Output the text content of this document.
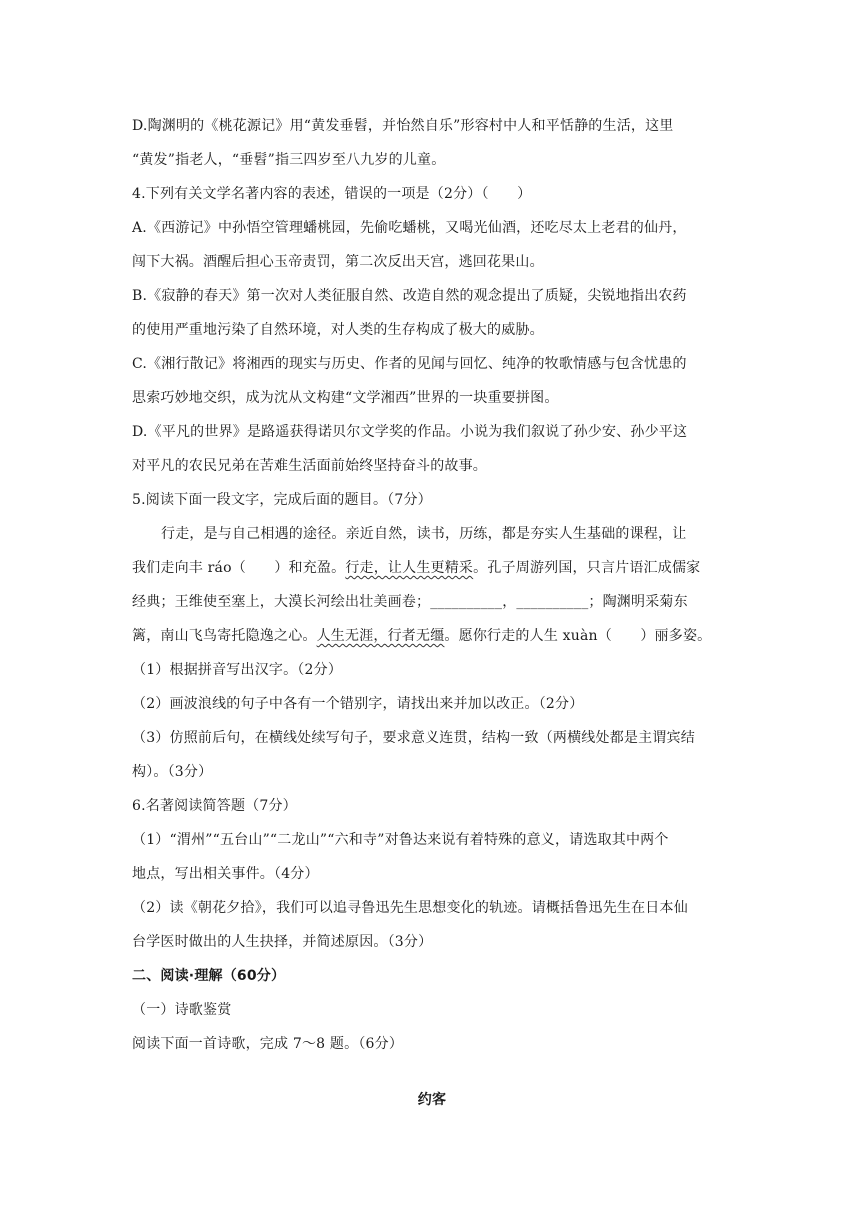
D.陶渊明的《桃花源记》用“黄发垂髫，并怡然自乐”形容村中人和平恬静的生活，这里
“黄发”指老人，“垂髫”指三四岁至八九岁的儿童。
4.下列有关文学名著内容的表述，错误的一项是（2分）（　　）
A.《西游记》中孙悟空管理蟠桃园，先偷吃蟠桃，又喝光仙酒，还吃尽太上老君的仙丹，
闯下大祸。酒醒后担心玉帝责罚，第二次反出天宫，逃回花果山。
B.《寂静的春天》第一次对人类征服自然、改造自然的观念提出了质疑，尖锐地指出农药
的使用严重地污染了自然环境，对人类的生存构成了极大的威胁。
C.《湘行散记》将湘西的现实与历史、作者的见闻与回忆、纯净的牧歌情感与包含忧患的
思索巧妙地交织，成为沈从文构建“文学湘西”世界的一块重要拼图。
D.《平凡的世界》是路遥获得诺贝尔文学奖的作品。小说为我们叙说了孙少安、孙少平这
对平凡的农民兄弟在苦难生活面前始终坚持奋斗的故事。
5.阅读下面一段文字，完成后面的题目。（7分）
行走，是与自己相遇的途径。亲近自然，读书，历练，都是夯实人生基础的课程，让
我们走向丰 ráo（　　）和充盈。行走，让人生更精采。孔子周游列国，只言片语汇成儒家
经典；王维使至塞上，大漠长河绘出壮美画卷；__________，__________；陶渊明采菊东
篱，南山飞鸟寄托隐逸之心。人生无涯，行者无缰。愿你行走的人生 xuàn（　　）丽多姿。
（1）根据拼音写出汉字。（2分）
（2）画波浪线的句子中各有一个错别字，请找出来并加以改正。（2分）
（3）仿照前后句，在横线处续写句子，要求意义连贯，结构一致（两横线处都是主谓宾结
构）。（3分）
6.名著阅读简答题（7分）
（1）“渭州”“五台山”“二龙山”“六和寺”对鲁达来说有着特殊的意义，请选取其中两个
地点，写出相关事件。（4分）
（2）读《朝花夕拾》，我们可以追寻鲁迅先生思想变化的轨迹。请概括鲁迅先生在日本仙
台学医时做出的人生抉择，并简述原因。（3分）
二、阅读·理解（60分）
（一）诗歌鉴赏
阅读下面一首诗歌，完成 7～8 题。（6分）
约客
